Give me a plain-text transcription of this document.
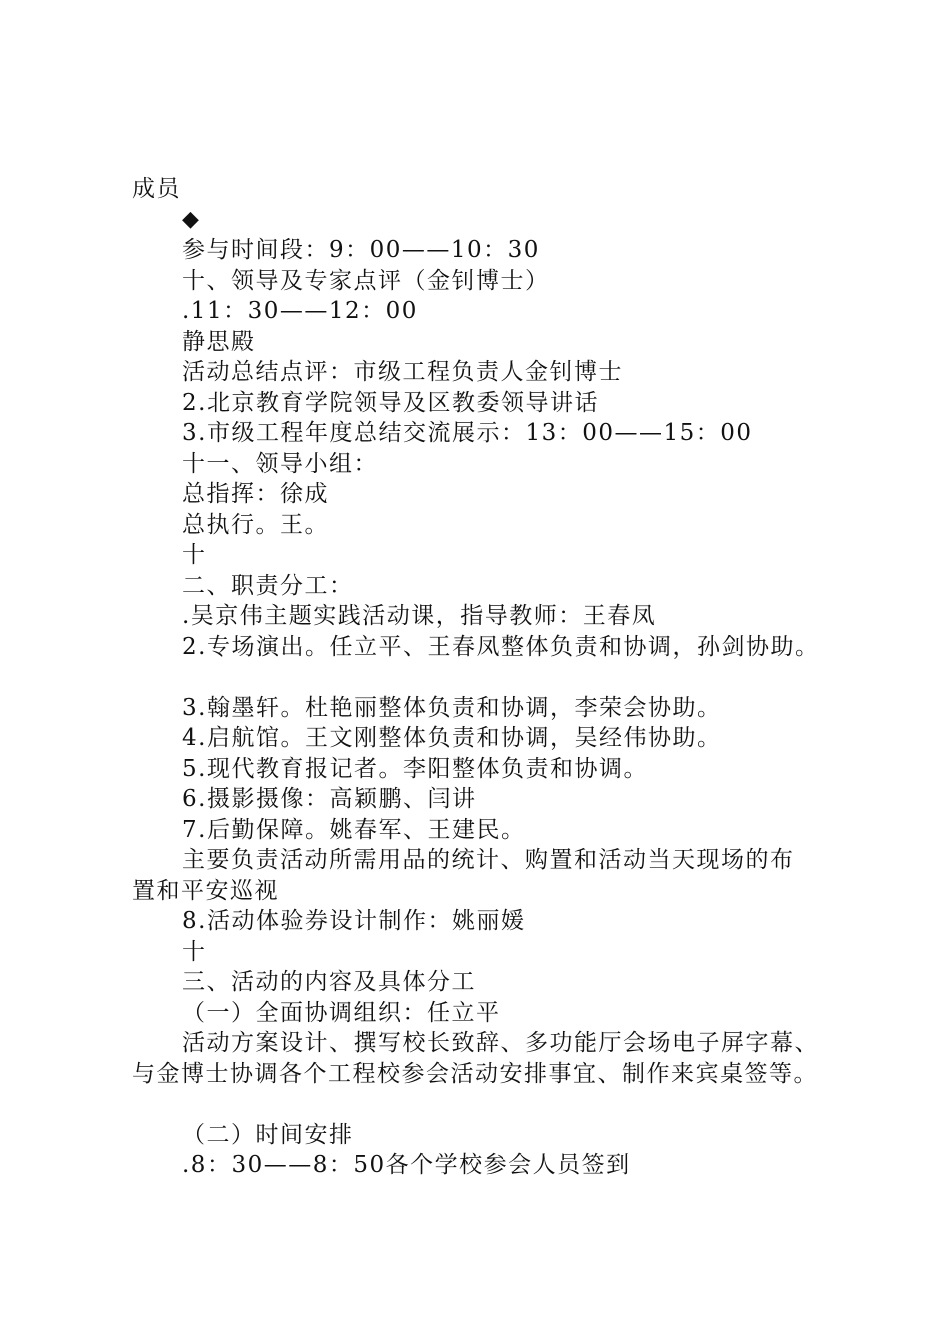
成员
◆
参与时间段：9：00——10：30
十、领导及专家点评（金钊博士）
.11：30——12：00
静思殿
活动总结点评：市级工程负责人金钊博士
2.北京教育学院领导及区教委领导讲话
3.市级工程年度总结交流展示：13：00——15：00
十一、领导小组：
总指挥：徐成
总执行。王。
十
二、职责分工：
.吴京伟主题实践活动课，指导教师：王春凤
2.专场演出。任立平、王春凤整体负责和协调，孙剑协助。
3.翰墨轩。杜艳丽整体负责和协调，李荣会协助。
4.启航馆。王文刚整体负责和协调，吴经伟协助。
5.现代教育报记者。李阳整体负责和协调。
6.摄影摄像：高颖鹏、闫讲
7.后勤保障。姚春军、王建民。
主要负责活动所需用品的统计、购置和活动当天现场的布
置和平安巡视
8.活动体验券设计制作：姚丽媛
十
三、活动的内容及具体分工
（一）全面协调组织：任立平
活动方案设计、撰写校长致辞、多功能厅会场电子屏字幕、
与金博士协调各个工程校参会活动安排事宜、制作来宾桌签等。
（二）时间安排
.8：30——8：50各个学校参会人员签到
